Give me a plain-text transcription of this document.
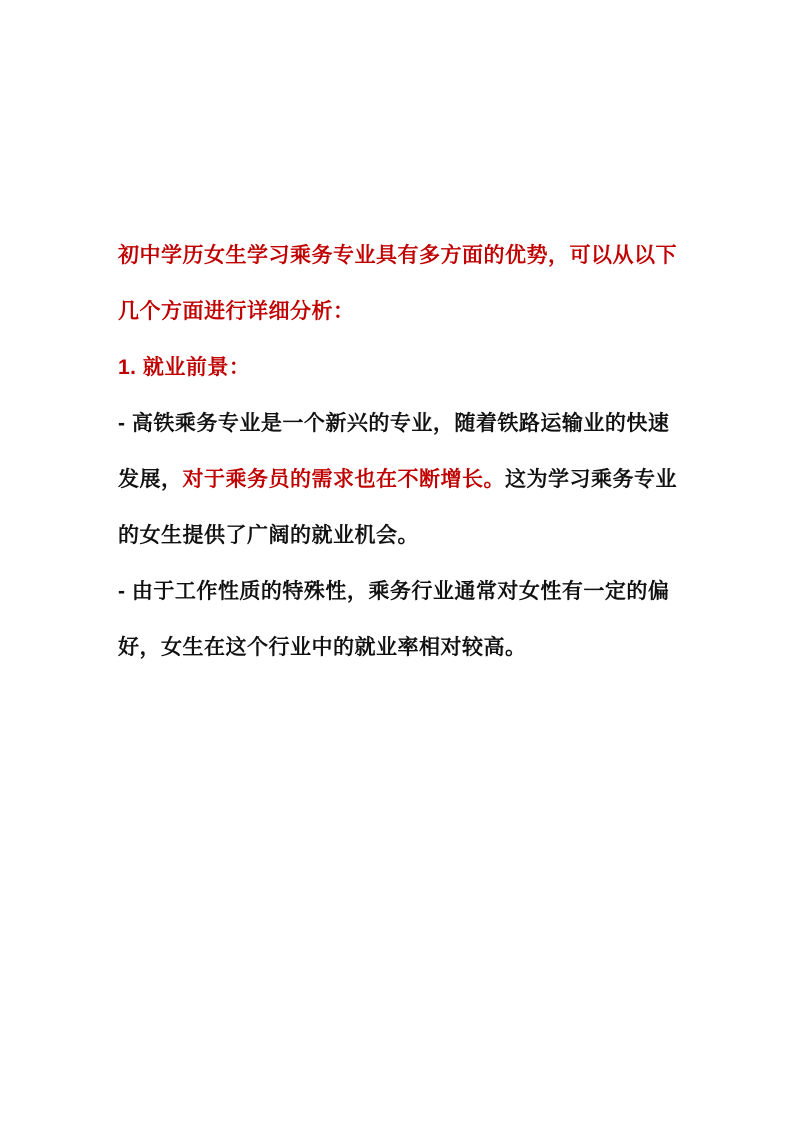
初中学历女生学习乘务专业具有多方面的优势，可以从以下几个方面进行详细分析：

1. 就业前景：

- 高铁乘务专业是一个新兴的专业，随着铁路运输业的快速发展，对于乘务员的需求也在不断增长。这为学习乘务专业的女生提供了广阔的就业机会。

- 由于工作性质的特殊性，乘务行业通常对女性有一定的偏好，女生在这个行业中的就业率相对较高。
